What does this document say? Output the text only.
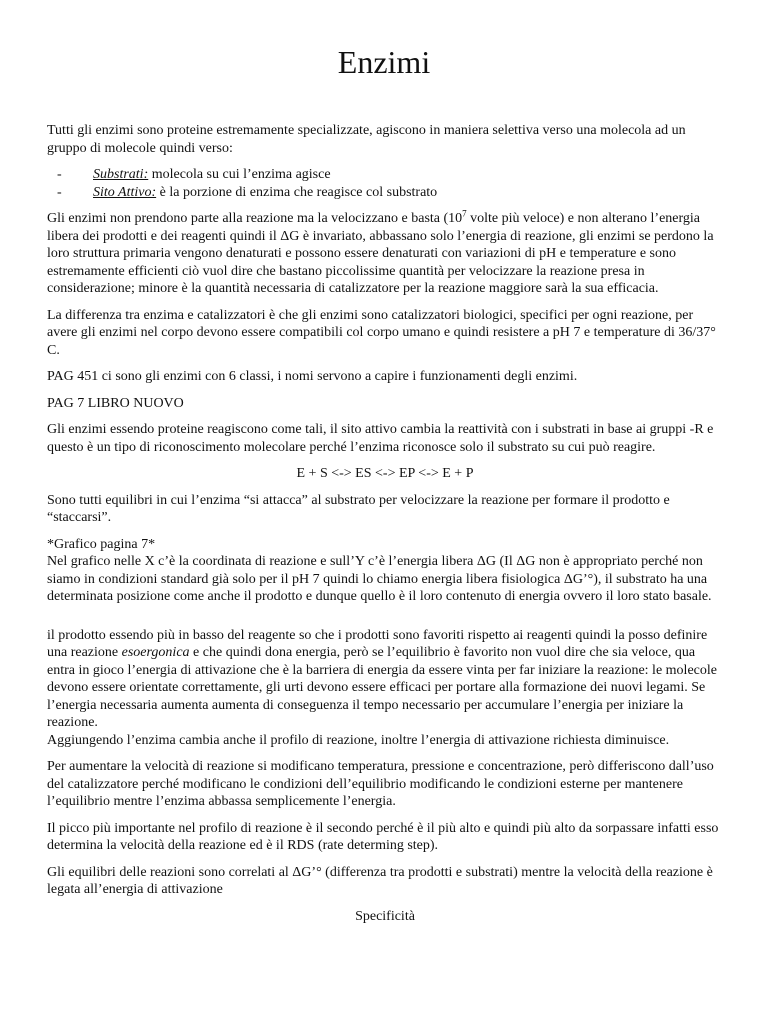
Enzimi

Tutti gli enzimi sono proteine estremamente specializzate, agiscono in maniera selettiva verso una molecola ad un gruppo di molecole quindi verso:

- Substrati: molecola su cui l’enzima agisce
- Sito Attivo: è la porzione di enzima che reagisce col substrato

Gli enzimi non prendono parte alla reazione ma la velocizzano e basta ($10^7$ volte più veloce) e non alterano l’energia libera dei prodotti e dei reagenti quindi il ΔG è invariato, abbassano solo l’energia di reazione, gli enzimi se perdono la loro struttura primaria vengono denaturati e possono essere denaturati con variazioni di pH e temperature e sono estremamente efficienti ciò vuol dire che bastano piccolissime quantità per velocizzare la reazione presa in considerazione; minore è la quantità necessaria di catalizzatore per la reazione maggiore sarà la sua efficacia.

La differenza tra enzima e catalizzatori è che gli enzimi sono catalizzatori biologici, specifici per ogni reazione, per avere gli enzimi nel corpo devono essere compatibili col corpo umano e quindi resistere a pH 7 e temperature di 36/37° C.

PAG 451 ci sono gli enzimi con 6 classi, i nomi servono a capire i funzionamenti degli enzimi.

PAG 7 LIBRO NUOVO

Gli enzimi essendo proteine reagiscono come tali, il sito attivo cambia la reattività con i substrati in base ai gruppi -R e questo è un tipo di riconoscimento molecolare perché l’enzima riconosce solo il substrato su cui può reagire.

E + S <-> ES <-> EP <-> E + P

Sono tutti equilibri in cui l’enzima “si attacca” al substrato per velocizzare la reazione per formare il prodotto e “staccarsi”.

*Grafico pagina 7*
Nel grafico nelle X c’è la coordinata di reazione e sull’Y c’è l’energia libera ΔG (Il ΔG non è appropriato perché non siamo in condizioni standard già solo per il pH 7 quindi lo chiamo energia libera fisiologica ΔG’°), il substrato ha una determinata posizione come anche il prodotto e dunque quello è il loro contenuto di energia ovvero il loro stato basale.

il prodotto essendo più in basso del reagente so che i prodotti sono favoriti rispetto ai reagenti quindi la posso definire una reazione esoergonica e che quindi dona energia, però se l’equilibrio è favorito non vuol dire che sia veloce, qua entra in gioco l’energia di attivazione che è la barriera di energia da essere vinta per far iniziare la reazione: le molecole devono essere orientate correttamente, gli urti devono essere efficaci per portare alla formazione dei nuovi legami. Se l’energia necessaria aumenta aumenta di conseguenza il tempo necessario per accumulare l’energia per iniziare la reazione.
Aggiungendo l’enzima cambia anche il profilo di reazione, inoltre l’energia di attivazione richiesta diminuisce.

Per aumentare la velocità di reazione si modificano temperatura, pressione e concentrazione, però differiscono dall’uso del catalizzatore perché modificano le condizioni dell’equilibrio modificando le condizioni esterne per mantenere l’equilibrio mentre l’enzima abbassa semplicemente l’energia.

Il picco più importante nel profilo di reazione è il secondo perché è il più alto e quindi più alto da sorpassare infatti esso determina la velocità della reazione ed è il RDS (rate determing step).

Gli equilibri delle reazioni sono correlati al ΔG’° (differenza tra prodotti e substrati) mentre la velocità della reazione è legata all’energia di attivazione

Specificità
